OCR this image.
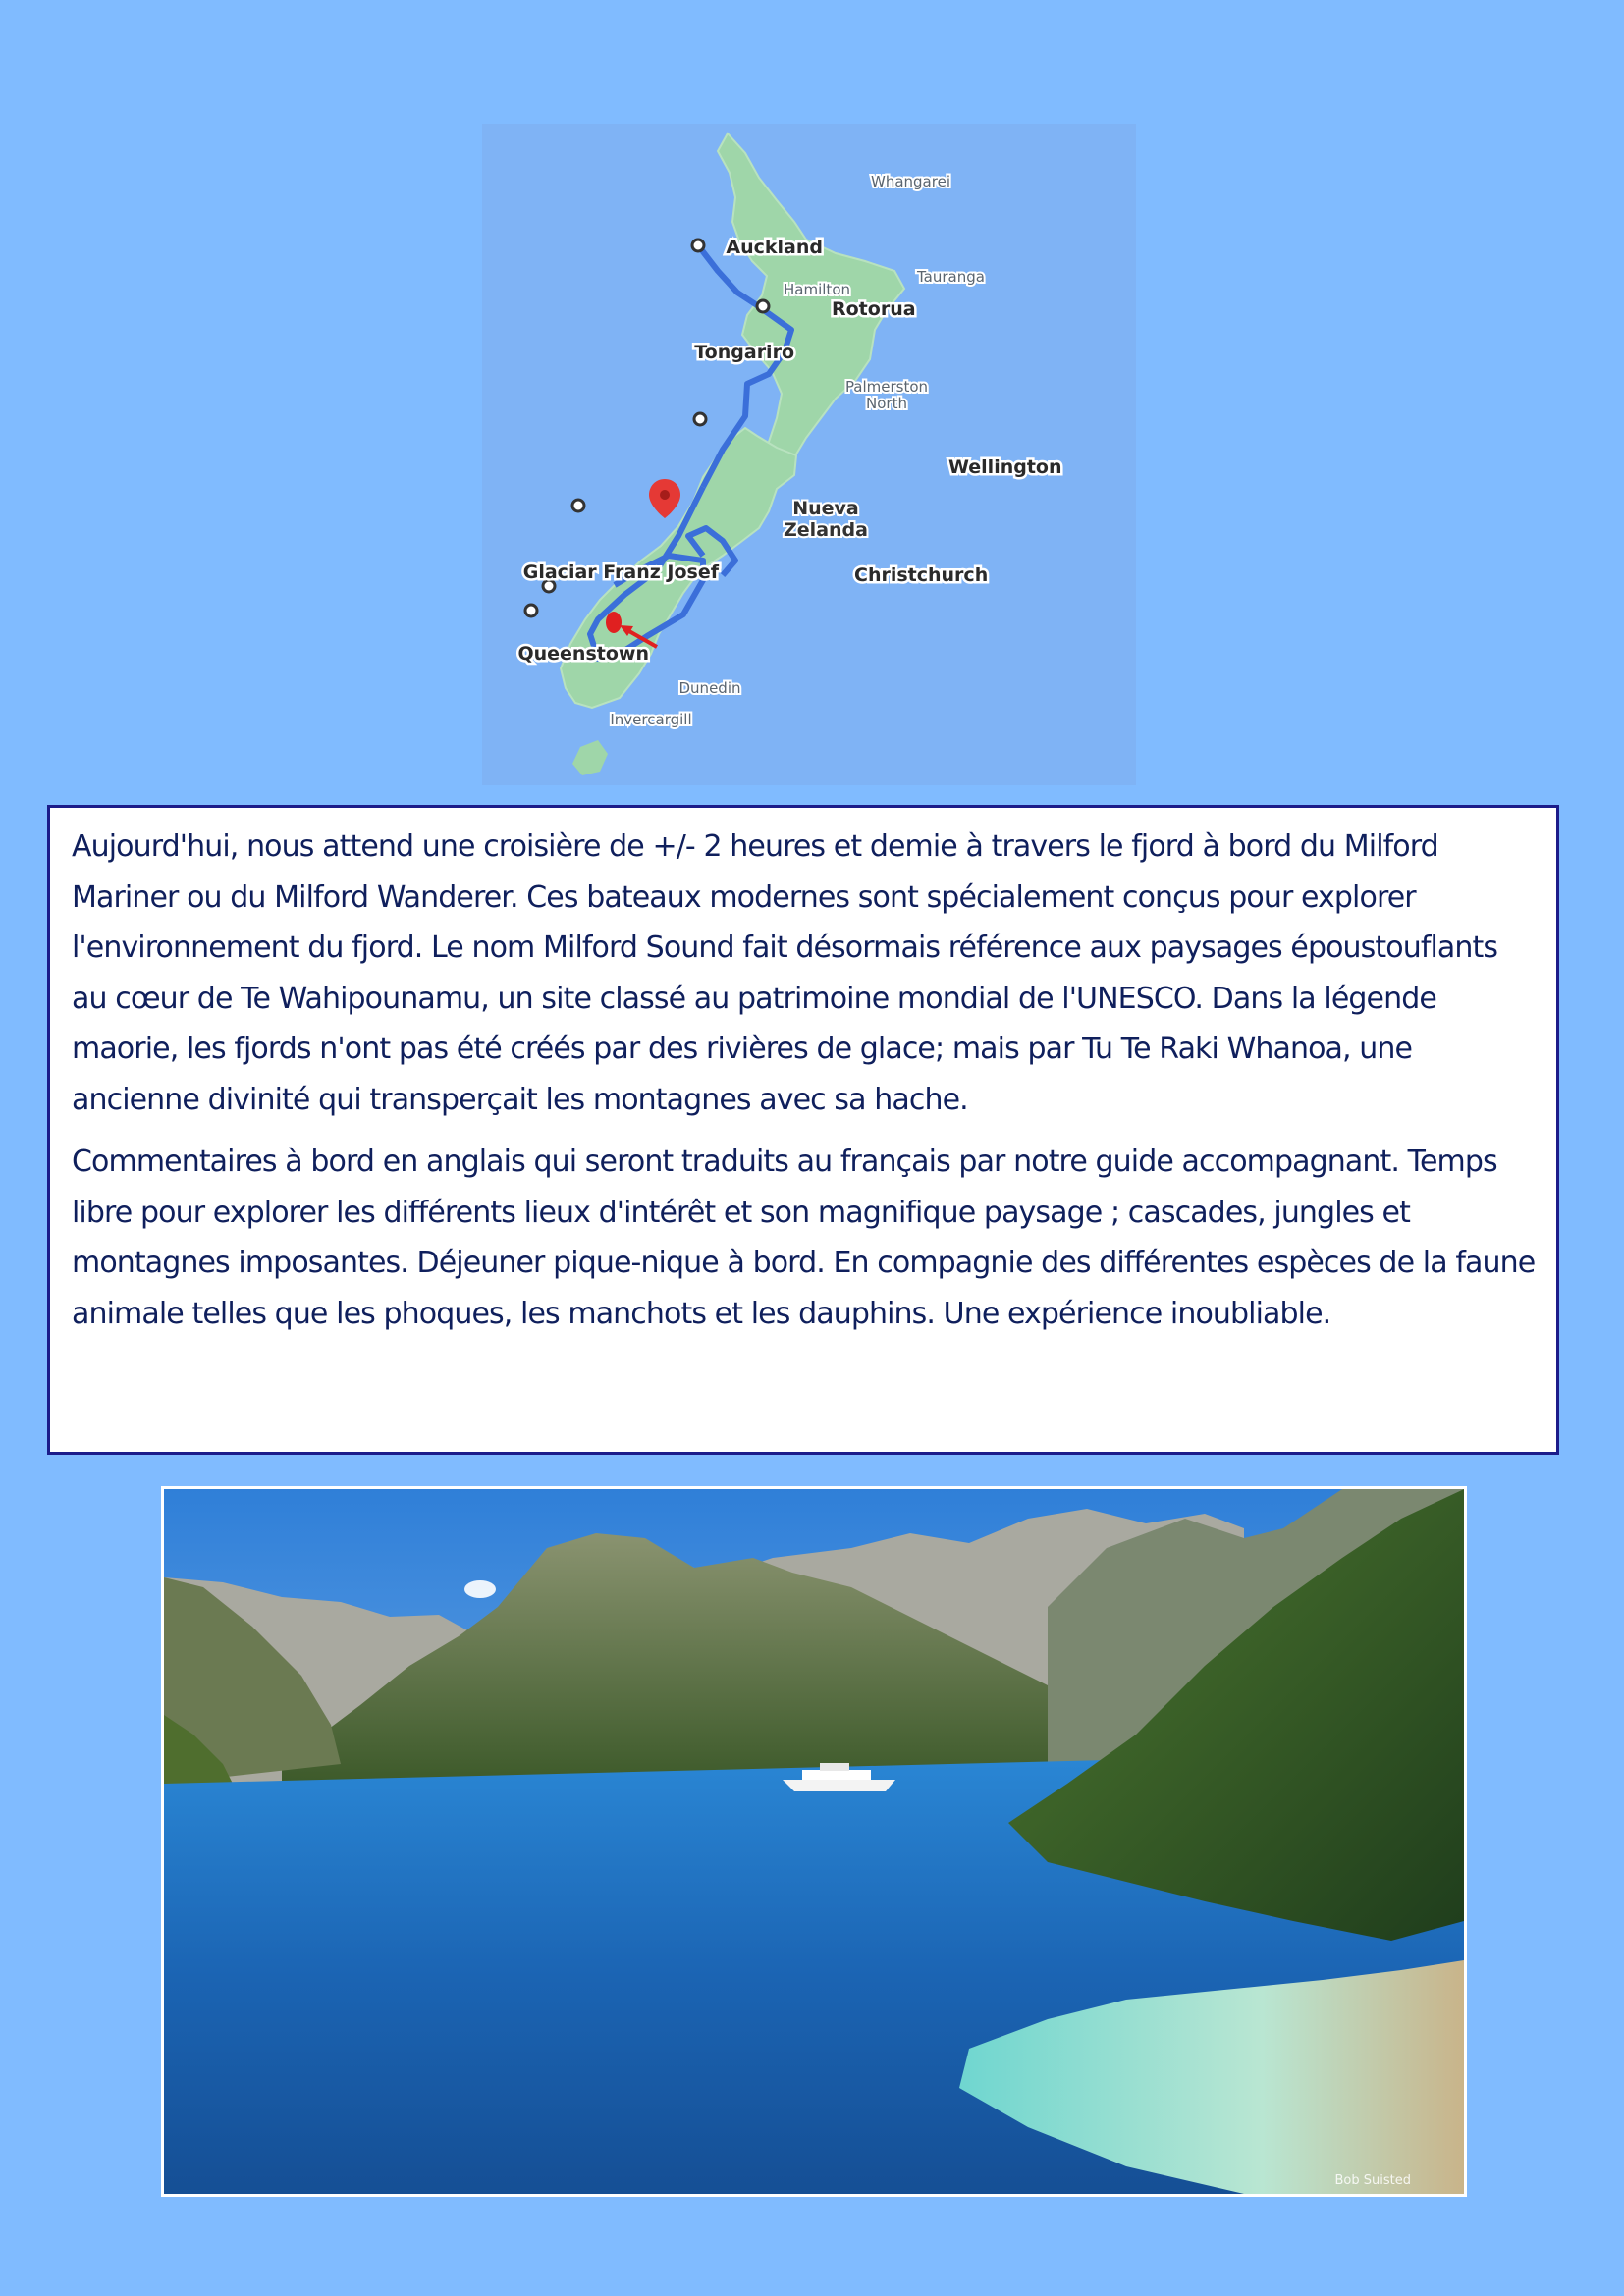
Whangarei
Auckland
Tauranga
Hamilton
Rotorua
Tongariro
Palmerston
North
Wellington
Nueva
Zelanda
Christchurch
Glaciar Franz Josef
Queenstown
Dunedin
Invercargill

Aujourd'hui, nous attend une croisière de +/- 2 heures et demie à travers le fjord à bord du Milford Mariner ou du Milford Wanderer. Ces bateaux modernes sont spécialement conçus pour explorer l'environnement du fjord. Le nom Milford Sound fait désormais référence aux paysages époustouflants au cœur de Te Wahipounamu, un site classé au patrimoine mondial de l'UNESCO. Dans la légende maorie, les fjords n'ont pas été créés par des rivières de glace; mais par Tu Te Raki Whanoa, une ancienne divinité qui transperçait les montagnes avec sa hache.

Commentaires à bord en anglais qui seront traduits au français par notre guide accompagnant. Temps libre pour explorer les différents lieux d'intérêt et son magnifique paysage ; cascades, jungles et montagnes imposantes. Déjeuner pique-nique à bord. En compagnie des différentes espèces de la faune animale telles que les phoques, les manchots et les dauphins. Une expérience inoubliable.

Bob Suisted
